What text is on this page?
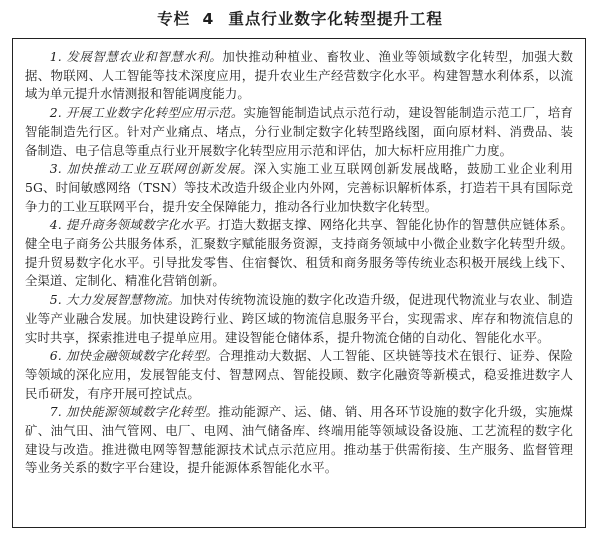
专栏 4 重点行业数字化转型提升工程

1. 发展智慧农业和智慧水利。加快推动种植业、畜牧业、渔业等领域数字化转型，加强大数据、物联网、人工智能等技术深度应用，提升农业生产经营数字化水平。构建智慧水利体系，以流域为单元提升水情测报和智能调度能力。

2. 开展工业数字化转型应用示范。实施智能制造试点示范行动，建设智能制造示范工厂，培育智能制造先行区。针对产业痛点、堵点，分行业制定数字化转型路线图，面向原材料、消费品、装备制造、电子信息等重点行业开展数字化转型应用示范和评估，加大标杆应用推广力度。

3. 加快推动工业互联网创新发展。深入实施工业互联网创新发展战略，鼓励工业企业利用 5G、时间敏感网络（TSN）等技术改造升级企业内外网，完善标识解析体系，打造若干具有国际竞争力的工业互联网平台，提升安全保障能力，推动各行业加快数字化转型。

4. 提升商务领域数字化水平。打造大数据支撑、网络化共享、智能化协作的智慧供应链体系。健全电子商务公共服务体系，汇聚数字赋能服务资源，支持商务领域中小微企业数字化转型升级。提升贸易数字化水平。引导批发零售、住宿餐饮、租赁和商务服务等传统业态积极开展线上线下、全渠道、定制化、精准化营销创新。

5. 大力发展智慧物流。加快对传统物流设施的数字化改造升级，促进现代物流业与农业、制造业等产业融合发展。加快建设跨行业、跨区域的物流信息服务平台，实现需求、库存和物流信息的实时共享，探索推进电子提单应用。建设智能仓储体系，提升物流仓储的自动化、智能化水平。

6. 加快金融领域数字化转型。合理推动大数据、人工智能、区块链等技术在银行、证券、保险等领域的深化应用，发展智能支付、智慧网点、智能投顾、数字化融资等新模式，稳妥推进数字人民币研发，有序开展可控试点。

7. 加快能源领域数字化转型。推动能源产、运、储、销、用各环节设施的数字化升级，实施煤矿、油气田、油气管网、电厂、电网、油气储备库、终端用能等领域设备设施、工艺流程的数字化建设与改造。推进微电网等智慧能源技术试点示范应用。推动基于供需衔接、生产服务、监督管理等业务关系的数字平台建设，提升能源体系智能化水平。
